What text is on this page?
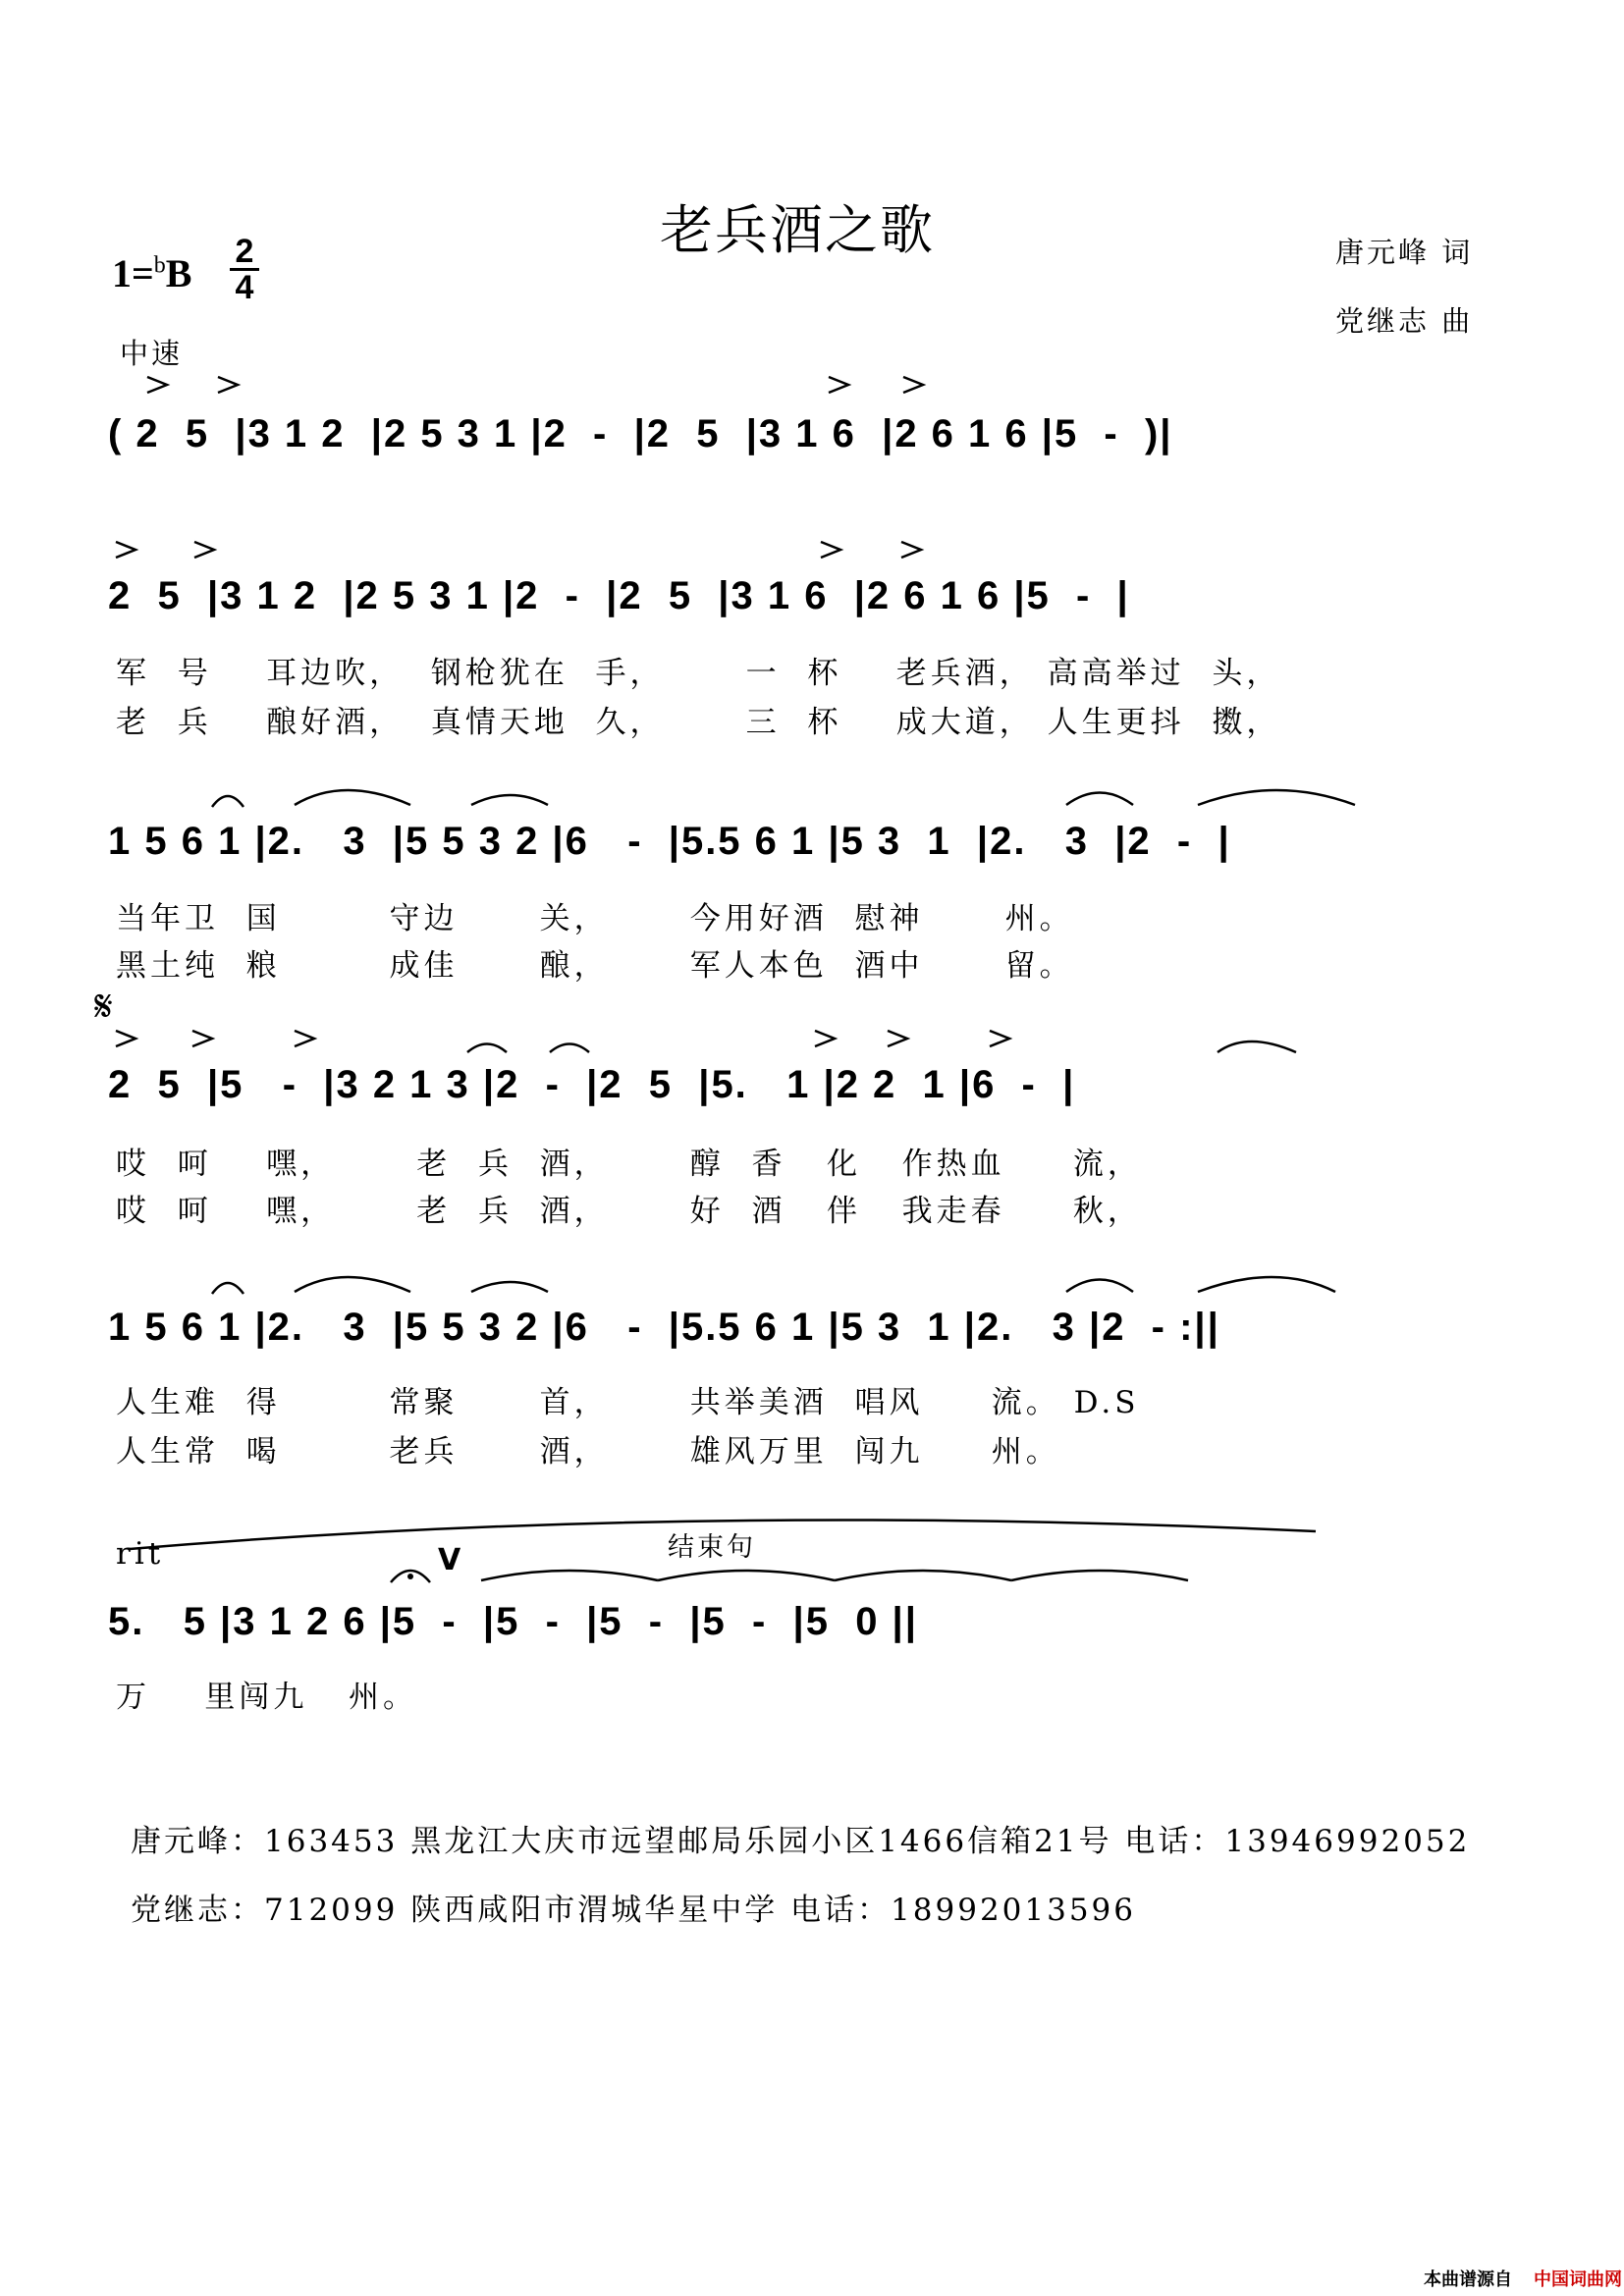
老兵酒之歌	唐元峰 词
党继志 曲
1=$^b$B 2
4
中速
( 2  5  |3 1 2  |2 5 3 1 |2  -  |2  5  |3 1 6  |2 6 1 6 |5  -  )|
2  5  |3 1 2  |2 5 3 1 |2  -  |2  5  |3 1 6  |2 6 1 6 |5  -  |
军  号    耳边吹，  钢枪犹在  手，      一  杯    老兵酒， 高高举过  头，
老  兵    酿好酒，  真情天地  久，      三  杯    成大道， 人生更抖  擞，
1 5 6 1 |2.   3  |5 5 3 2 |6   -  |5.5 6 1 |5 3  1  |2.   3  |2  -  |
当年卫  国        守边      关，      今用好酒  慰神      州。
黑土纯  粮        成佳      酿，      军人本色  酒中      留。
𝄋
2  5  |5   -  |3 2 1 3 |2  -  |2  5  |5.   1 |2 2  1 |6  -  |
哎  呵    嘿，      老  兵  酒，      醇  香   化   作热血     流，
哎  呵    嘿，      老  兵  酒，      好  酒   伴   我走春     秋，
1 5 6 1 |2.   3  |5 5 3 2 |6   -  |5.5 6 1 |5 3  1 |2.   3 |2  - :||
人生难  得        常聚      首，      共举美酒  唱风     流。 D.S
人生常  喝        老兵      酒，      雄风万里  闯九     州。
rit	结束句
V
5.   5 |3 1 2 6 |5  -  |5  -  |5  -  |5  -  |5  0 ||
万    里闯九   州。
唐元峰：163453 黑龙江大庆市远望邮局乐园小区1466信箱21号 电话：13946992052
党继志：712099 陕西咸阳市渭城华星中学 电话：18992013596
本曲谱源自 中国词曲网
